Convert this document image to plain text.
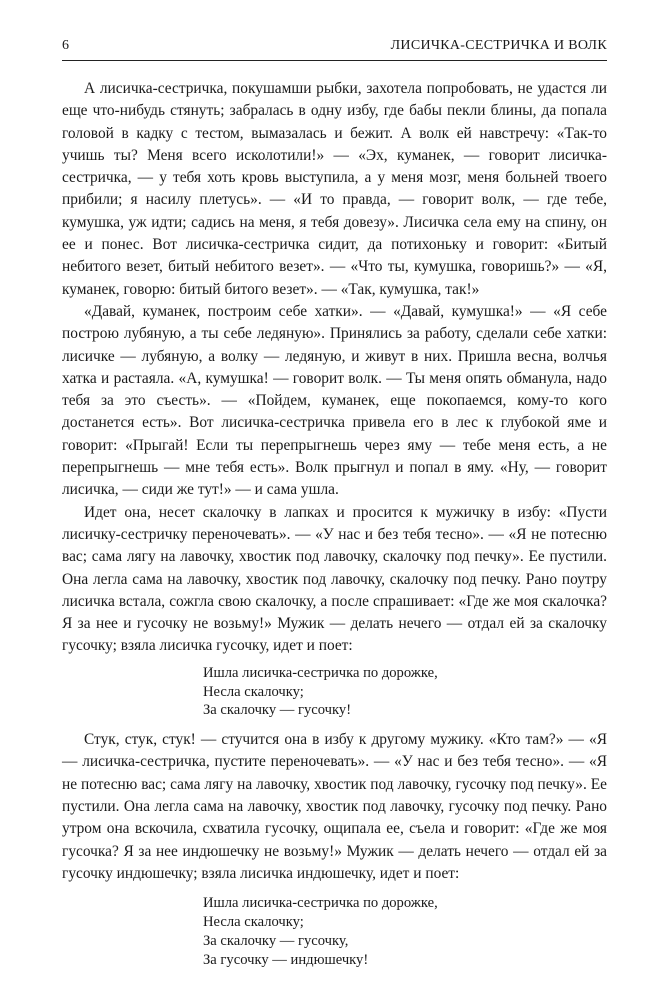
6	ЛИСИЧКА-СЕСТРИЧКА И ВОЛК

А лисичка-сестричка, покушамши рыбки, захотела попробовать, не удастся ли еще что-нибудь стянуть; забралась в одну избу, где бабы пекли блины, да попала головой в кадку с тестом, вымазалась и бежит. А волк ей навстречу: «Так-то учишь ты? Меня всего исколотили!» — «Эх, куманек, — говорит лисичка-сестричка, — у тебя хоть кровь выступила, а у меня мозг, меня больней твоего прибили; я насилу плетусь». — «И то правда, — говорит волк, — где тебе, кумушка, уж идти; садись на меня, я тебя довезу». Лисичка села ему на спину, он ее и понес. Вот лисичка-сестричка сидит, да потихоньку и говорит: «Битый небитого везет, битый небитого везет». — «Что ты, кумушка, говоришь?» — «Я, куманек, говорю: битый битого везет». — «Так, кумушка, так!»

«Давай, куманек, построим себе хатки». — «Давай, кумушка!» — «Я себе построю лубяную, а ты себе ледяную». Принялись за работу, сделали себе хатки: лисичке — лубяную, а волку — ледяную, и живут в них. Пришла весна, волчья хатка и растаяла. «А, кумушка! — говорит волк. — Ты меня опять обманула, надо тебя за это съесть». — «Пойдем, куманек, еще покопаемся, кому-то кого достанется есть». Вот лисичка-сестричка привела его в лес к глубокой яме и говорит: «Прыгай! Если ты перепрыгнешь через яму — тебе меня есть, а не перепрыгнешь — мне тебя есть». Волк прыгнул и попал в яму. «Ну, — говорит лисичка, — сиди же тут!» — и сама ушла.

Идет она, несет скалочку в лапках и просится к мужичку в избу: «Пусти лисичку-сестричку переночевать». — «У нас и без тебя тесно». — «Я не потесню вас; сама лягу на лавочку, хвостик под лавочку, скалочку под печку». Ее пустили. Она легла сама на лавочку, хвостик под лавочку, скалочку под печку. Рано поутру лисичка встала, сожгла свою скалочку, а после спрашивает: «Где же моя скалочка? Я за нее и гусочку не возьму!» Мужик — делать нечего — отдал ей за скалочку гусочку; взяла лисичка гусочку, идет и поет:

Ишла лисичка-сестричка по дорожке,
Несла скалочку;
За скалочку — гусочку!

Стук, стук, стук! — стучится она в избу к другому мужику. «Кто там?» — «Я — лисичка-сестричка, пустите переночевать». — «У нас и без тебя тесно». — «Я не потесню вас; сама лягу на лавочку, хвостик под лавочку, гусочку под печку». Ее пустили. Она легла сама на лавочку, хвостик под лавочку, гусочку под печку. Рано утром она вскочила, схватила гусочку, ощипала ее, съела и говорит: «Где же моя гусочка? Я за нее индюшечку не возьму!» Мужик — делать нечего — отдал ей за гусочку индюшечку; взяла лисичка индюшечку, идет и поет:

Ишла лисичка-сестричка по дорожке,
Несла скалочку;
За скалочку — гусочку,
За гусочку — индюшечку!
